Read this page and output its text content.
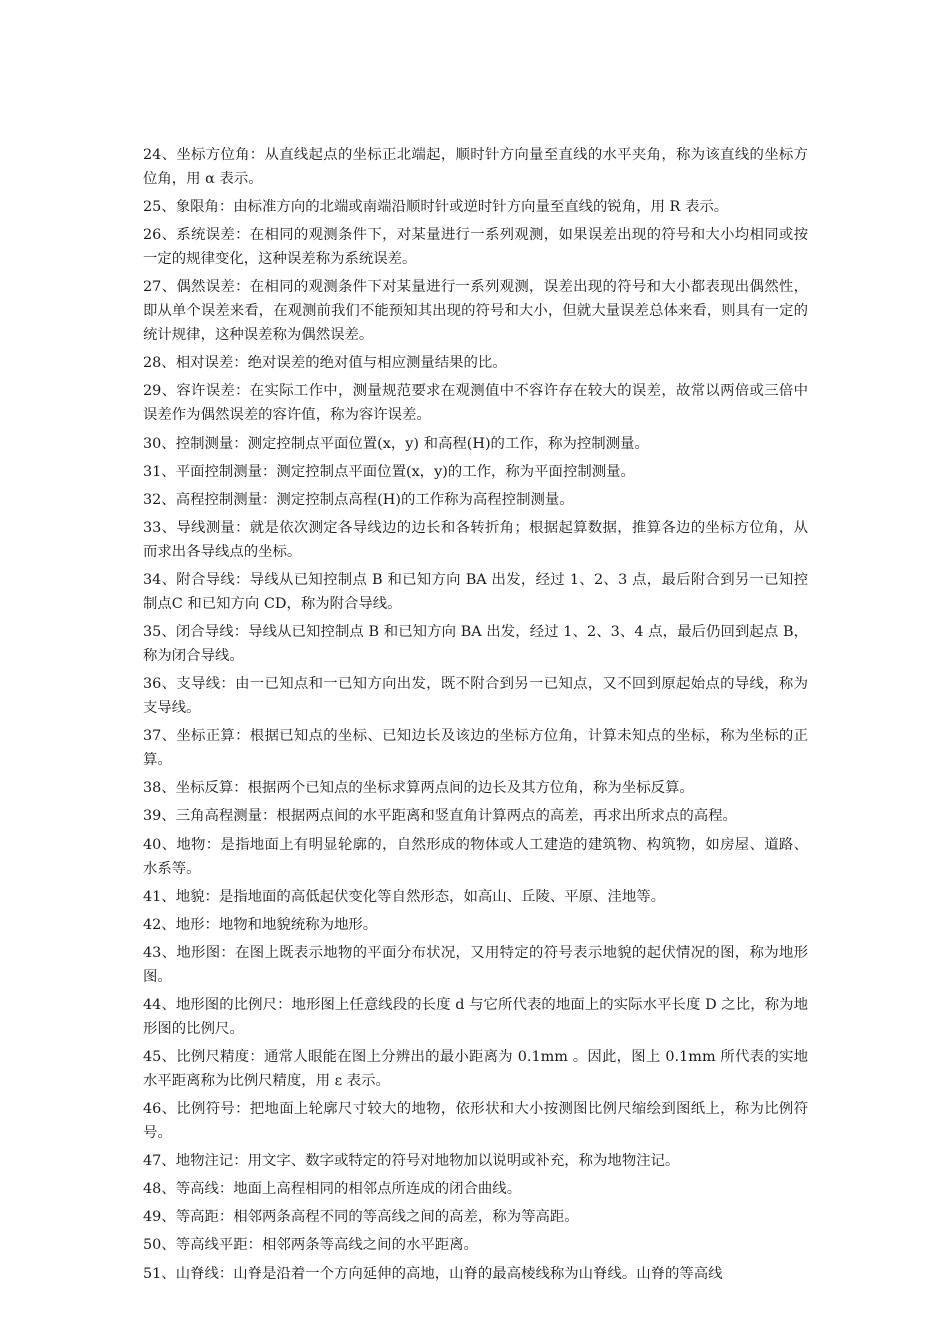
24、坐标方位角：从直线起点的坐标正北端起，顺时针方向量至直线的水平夹角，称为该直线的坐标方位角，用 α 表示。

25、象限角：由标准方向的北端或南端沿顺时针或逆时针方向量至直线的锐角，用 R 表示。

26、系统误差：在相同的观测条件下，对某量进行一系列观测，如果误差出现的符号和大小均相同或按一定的规律变化，这种误差称为系统误差。

27、偶然误差：在相同的观测条件下对某量进行一系列观测，误差出现的符号和大小都表现出偶然性，即从单个误差来看，在观测前我们不能预知其出现的符号和大小，但就大量误差总体来看，则具有一定的统计规律，这种误差称为偶然误差。

28、相对误差：绝对误差的绝对值与相应测量结果的比。

29、容许误差：在实际工作中，测量规范要求在观测值中不容许存在较大的误差，故常以两倍或三倍中误差作为偶然误差的容许值，称为容许误差。

30、控制测量：测定控制点平面位置(x，y) 和高程(H)的工作，称为控制测量。

31、平面控制测量：测定控制点平面位置(x，y)的工作，称为平面控制测量。

32、高程控制测量：测定控制点高程(H)的工作称为高程控制测量。

33、导线测量：就是依次测定各导线边的边长和各转折角；根据起算数据，推算各边的坐标方位角，从而求出各导线点的坐标。

34、附合导线：导线从已知控制点 B 和已知方向 BA 出发，经过 1、2、3 点，最后附合到另一已知控制点C 和已知方向 CD，称为附合导线。

35、闭合导线：导线从已知控制点 B 和已知方向 BA 出发，经过 1、2、3、4 点，最后仍回到起点 B，称为闭合导线。

36、支导线：由一已知点和一已知方向出发，既不附合到另一已知点，又不回到原起始点的导线，称为支导线。

37、坐标正算：根据已知点的坐标、已知边长及该边的坐标方位角，计算未知点的坐标，称为坐标的正算。

38、坐标反算：根据两个已知点的坐标求算两点间的边长及其方位角，称为坐标反算。

39、三角高程测量：根据两点间的水平距离和竖直角计算两点的高差，再求出所求点的高程。

40、地物：是指地面上有明显轮廓的，自然形成的物体或人工建造的建筑物、构筑物，如房屋、道路、水系等。

41、地貌：是指地面的高低起伏变化等自然形态，如高山、丘陵、平原、洼地等。

42、地形：地物和地貌统称为地形。

43、地形图：在图上既表示地物的平面分布状况，又用特定的符号表示地貌的起伏情况的图，称为地形图。

44、地形图的比例尺：地形图上任意线段的长度 d 与它所代表的地面上的实际水平长度 D 之比，称为地形图的比例尺。

45、比例尺精度：通常人眼能在图上分辨出的最小距离为 0.1mm 。因此，图上 0.1mm 所代表的实地水平距离称为比例尺精度，用 ε 表示。

46、比例符号：把地面上轮廓尺寸较大的地物，依形状和大小按测图比例尺缩绘到图纸上，称为比例符号。

47、地物注记：用文字、数字或特定的符号对地物加以说明或补充，称为地物注记。

48、等高线：地面上高程相同的相邻点所连成的闭合曲线。

49、等高距：相邻两条高程不同的等高线之间的高差，称为等高距。

50、等高线平距：相邻两条等高线之间的水平距离。

51、山脊线：山脊是沿着一个方向延伸的高地，山脊的最高棱线称为山脊线。山脊的等高线
